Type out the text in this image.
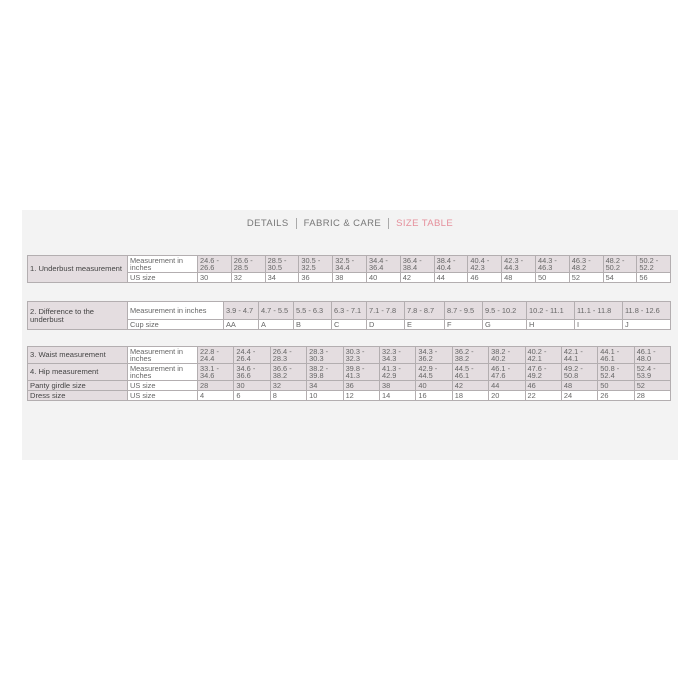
DETAILS FABRIC & CARE SIZE TABLE
1. Underbust measurement	Measurement in inches	24.6 - 26.6	26.6 - 28.5	28.5 - 30.5	30.5 - 32.5	32.5 - 34.4	34.4 - 36.4	36.4 - 38.4	38.4 - 40.4	40.4 - 42.3	42.3 - 44.3	44.3 - 46.3	46.3 - 48.2	48.2 - 50.2	50.2 - 52.2
	US size	30	32	34	36	38	40	42	44	46	48	50	52	54	56
2. Difference to the underbust	Measurement in inches	3.9 - 4.7	4.7 - 5.5	5.5 - 6.3	6.3 - 7.1	7.1 - 7.8	7.8 - 8.7	8.7 - 9.5	9.5 - 10.2	10.2 - 11.1	11.1 - 11.8	11.8 - 12.6
	Cup size	AA	A	B	C	D	E	F	G	H	I	J
3. Waist measurement	Measurement in inches	22.8 - 24.4	24.4 - 26.4	26.4 - 28.3	28.3 - 30.3	30.3 - 32.3	32.3 - 34.3	34.3 - 36.2	36.2 - 38.2	38.2 - 40.2	40.2 - 42.1	42.1 - 44.1	44.1 - 46.1	46.1 - 48.0
4. Hip measurement	Measurement in inches	33.1 - 34.6	34.6 - 36.6	36.6 - 38.2	38.2 - 39.8	39.8 - 41.3	41.3 - 42.9	42.9 - 44.5	44.5 - 46.1	46.1 - 47.6	47.6 - 49.2	49.2 - 50.8	50.8 - 52.4	52.4 - 53.9
Panty girdle size	US size	28	30	32	34	36	38	40	42	44	46	48	50	52
Dress size	US size	4	6	8	10	12	14	16	18	20	22	24	26	28
